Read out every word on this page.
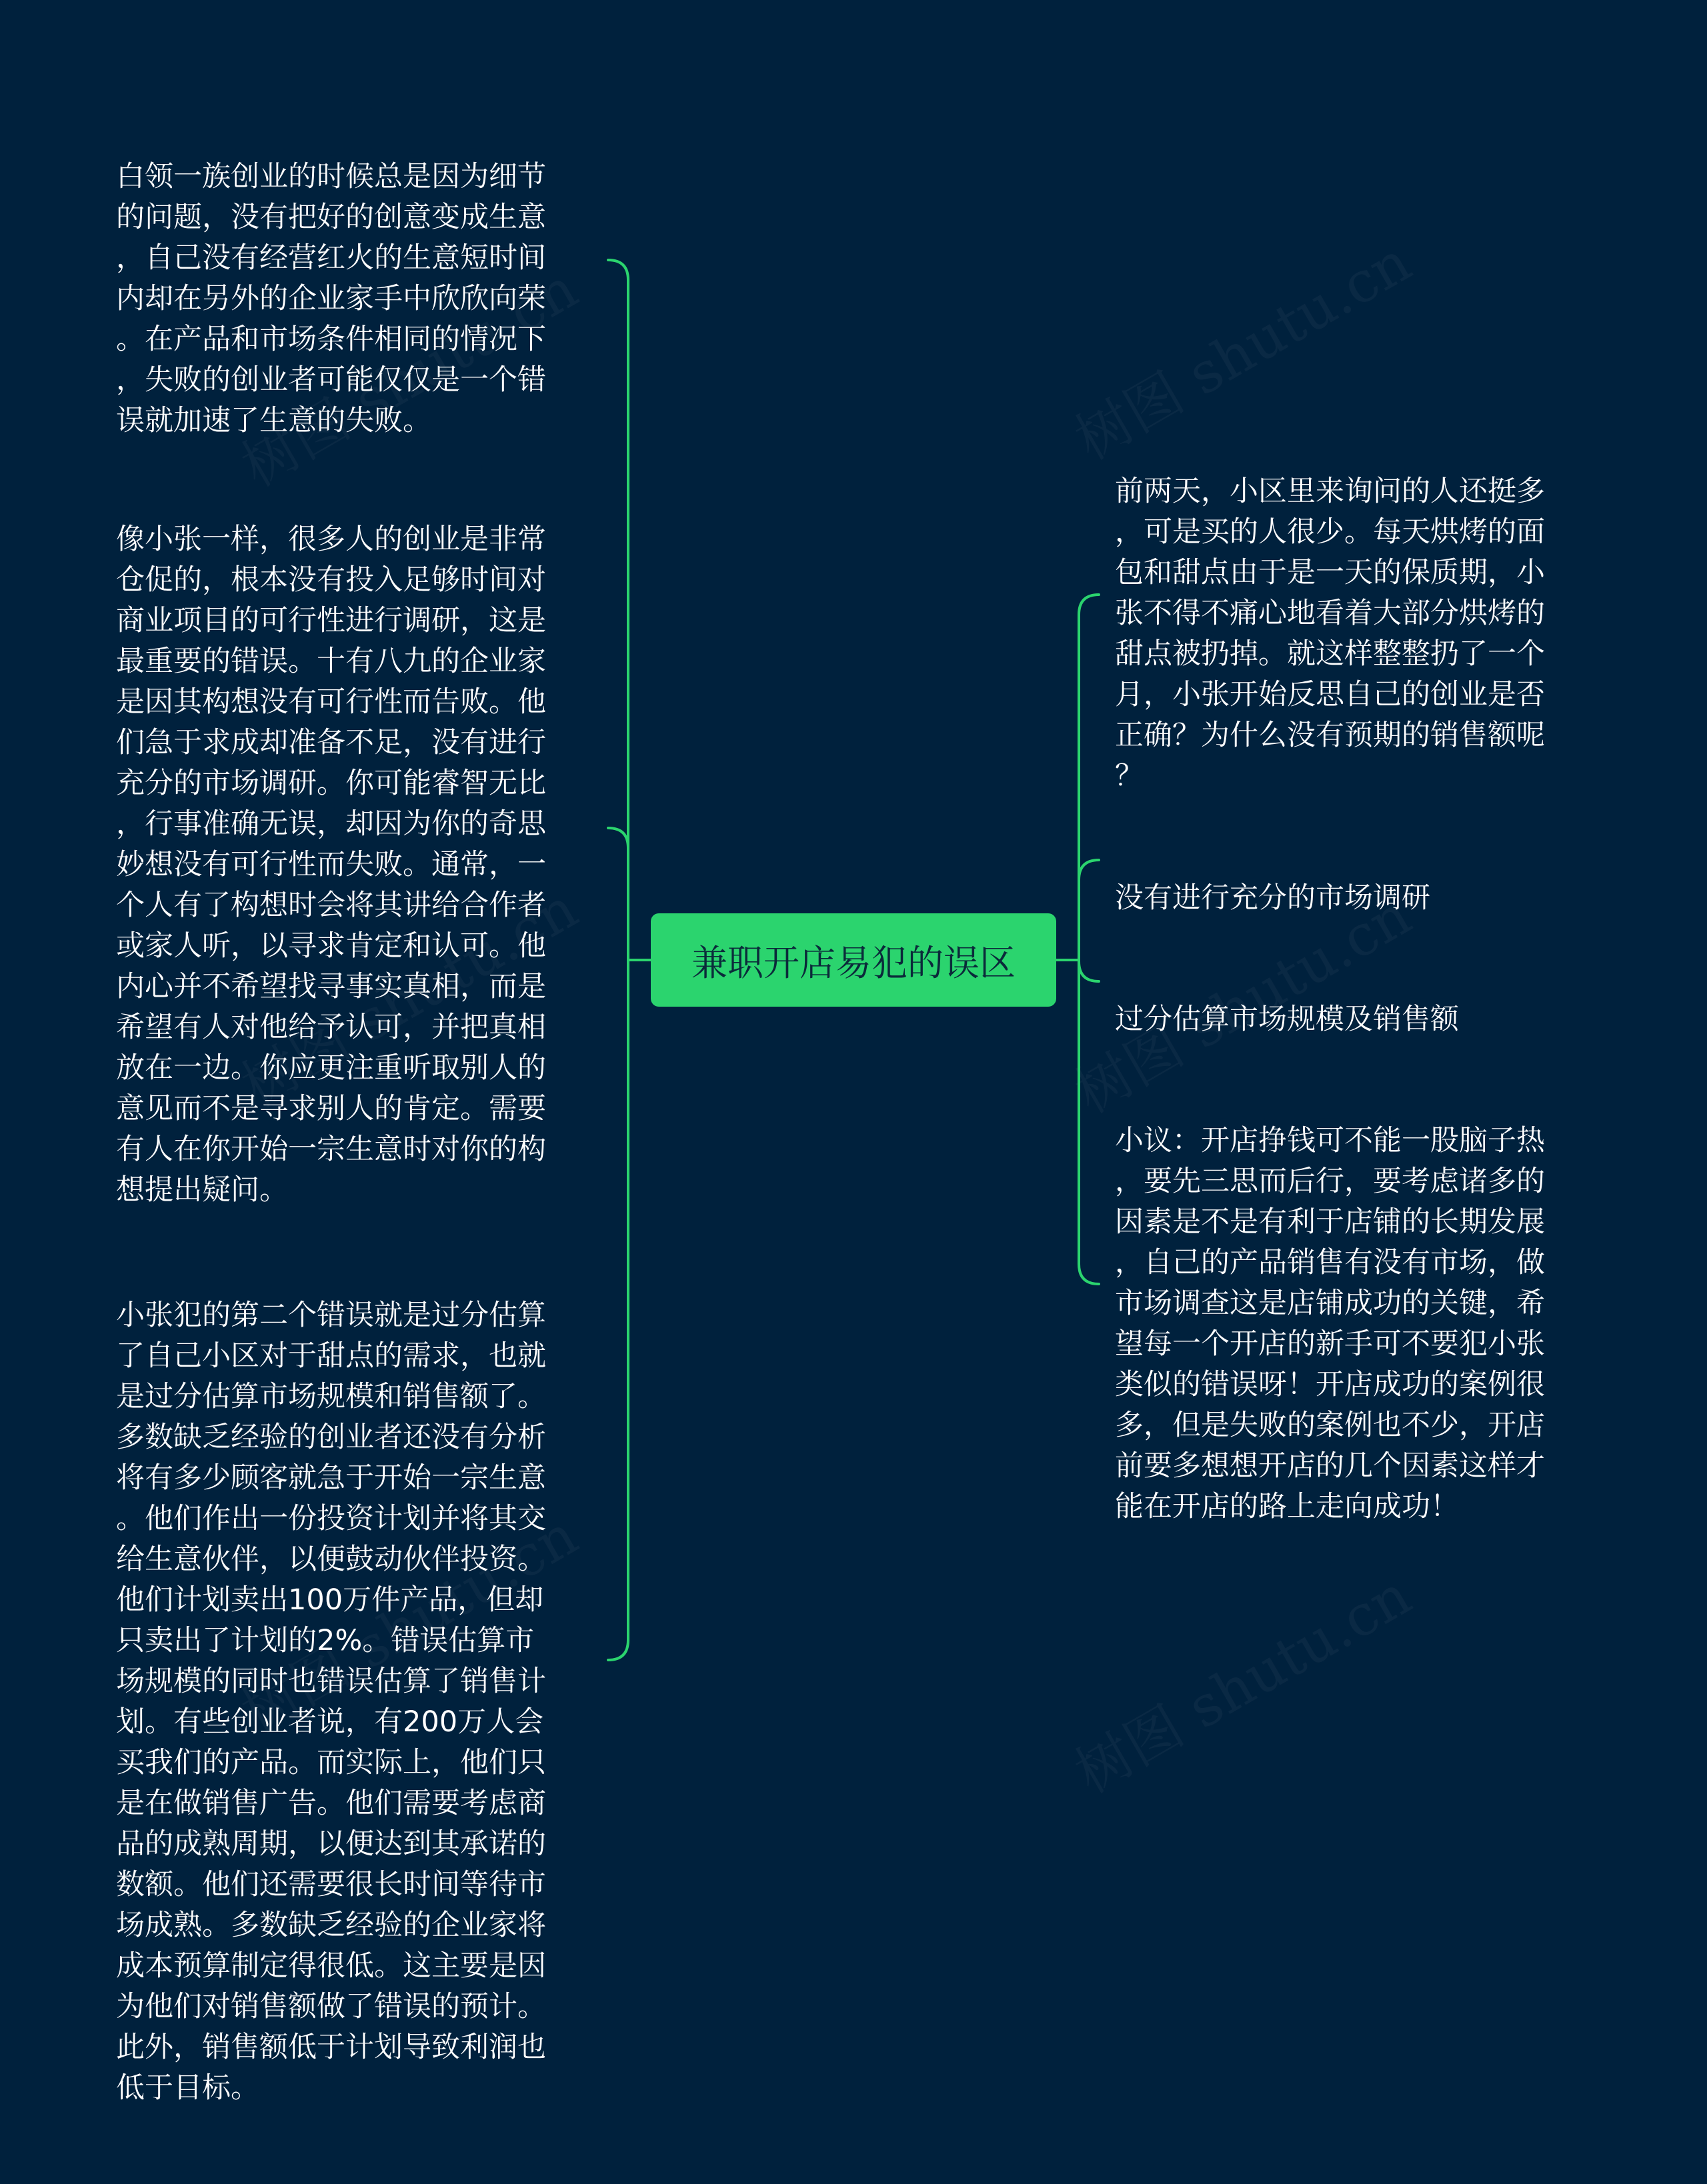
兼职开店易犯的误区

白领一族创业的时候总是因为细节
的问题，没有把好的创意变成生意
，自己没有经营红火的生意短时间
内却在另外的企业家手中欣欣向荣
。在产品和市场条件相同的情况下
，失败的创业者可能仅仅是一个错
误就加速了生意的失败。

像小张一样，很多人的创业是非常
仓促的，根本没有投入足够时间对
商业项目的可行性进行调研，这是
最重要的错误。十有八九的企业家
是因其构想没有可行性而告败。他
们急于求成却准备不足，没有进行
充分的市场调研。你可能睿智无比
，行事准确无误，却因为你的奇思
妙想没有可行性而失败。通常，一
个人有了构想时会将其讲给合作者
或家人听，以寻求肯定和认可。他
内心并不希望找寻事实真相，而是
希望有人对他给予认可，并把真相
放在一边。你应更注重听取别人的
意见而不是寻求别人的肯定。需要
有人在你开始一宗生意时对你的构
想提出疑问。

小张犯的第二个错误就是过分估算
了自己小区对于甜点的需求，也就
是过分估算市场规模和销售额了。
多数缺乏经验的创业者还没有分析
将有多少顾客就急于开始一宗生意
。他们作出一份投资计划并将其交
给生意伙伴，以便鼓动伙伴投资。
他们计划卖出100万件产品，但却
只卖出了计划的2%。错误估算市
场规模的同时也错误估算了销售计
划。有些创业者说，有200万人会
买我们的产品。而实际上，他们只
是在做销售广告。他们需要考虑商
品的成熟周期，以便达到其承诺的
数额。他们还需要很长时间等待市
场成熟。多数缺乏经验的企业家将
成本预算制定得很低。这主要是因
为他们对销售额做了错误的预计。
此外，销售额低于计划导致利润也
低于目标。

前两天，小区里来询问的人还挺多
，可是买的人很少。每天烘烤的面
包和甜点由于是一天的保质期，小
张不得不痛心地看着大部分烘烤的
甜点被扔掉。就这样整整扔了一个
月，小张开始反思自己的创业是否
正确？为什么没有预期的销售额呢
？

没有进行充分的市场调研

过分估算市场规模及销售额

小议：开店挣钱可不能一股脑子热
，要先三思而后行，要考虑诸多的
因素是不是有利于店铺的长期发展
，自己的产品销售有没有市场，做
市场调查这是店铺成功的关键，希
望每一个开店的新手可不要犯小张
类似的错误呀！开店成功的案例很
多，但是失败的案例也不少，开店
前要多想想开店的几个因素这样才
能在开店的路上走向成功！
